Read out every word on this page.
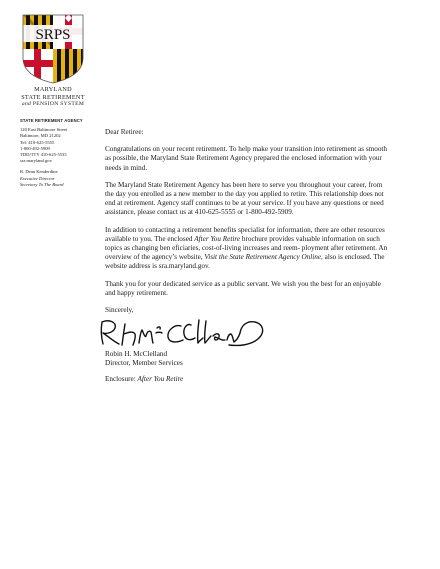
SRPS
MARYLAND
STATE RETIREMENT
and PENSION SYSTEM
STATE RETIREMENT AGENCY
120 East Baltimore Street
Baltimore, MD 21202
Tel: 410-625-5555
1-800-492-5909
TDD/TTY 410-625-5535
sra.maryland.gov
R. Dean Kenderdine
Executive Director
Secretary To The Board

Dear Retiree:

Congratulations on your recent retirement. To help make your transition into retirement as smooth as possible, the Maryland State Retirement Agency prepared the enclosed information with your needs in mind.

The Maryland State Retirement Agency has been here to serve you throughout your career, from the day you enrolled as a new member to the day you applied to retire. This relationship does not end at retirement. Agency staff continues to be at your service. If you have any questions or need assistance, please contact us at 410-625-5555 or 1-800-492-5909.

In addition to contacting a retirement benefits specialist for information, there are other resources available to you. The enclosed After You Retire brochure provides valuable information on such topics as changing ben eficiaries, cost-of-living increases and reem- ployment after retirement. An overview of the agency’s website, Visit the State Retirement Agency Online, also is enclosed. The website address is sra.maryland.gov.

Thank you for your dedicated service as a public servant. We wish you the best for an enjoyable and happy retirement.

Sincerely,

Robin H. McClelland
Director, Member Services
Enclosure: After You Retire
